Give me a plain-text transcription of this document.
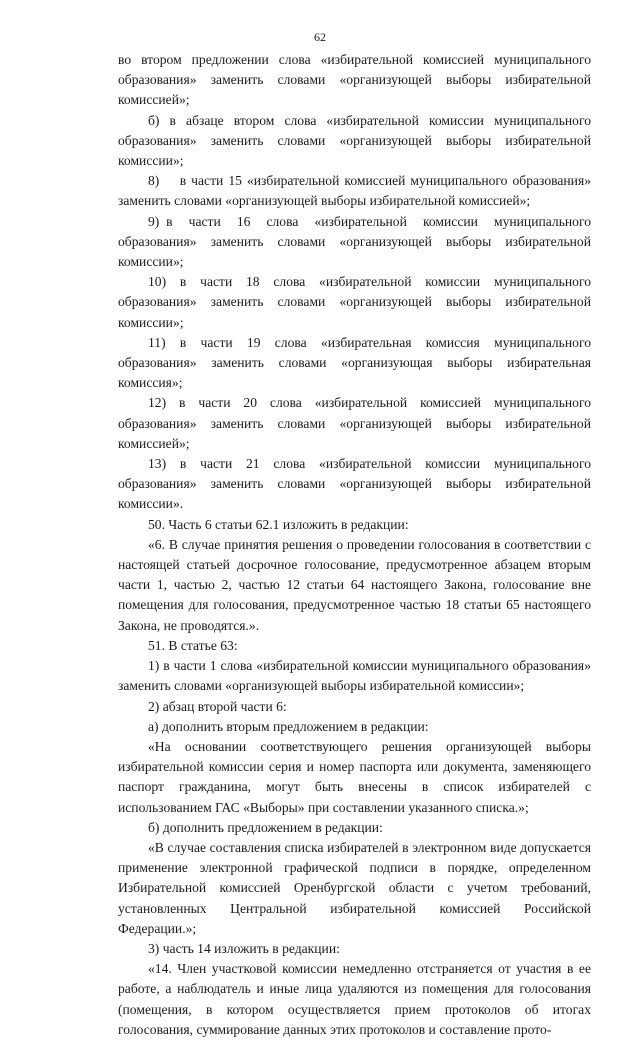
62

во втором предложении слова «избирательной комиссией муниципального образования» заменить словами «организующей выборы избирательной комиссией»;

б) в абзаце втором слова «избирательной комиссии муниципального образования» заменить словами «организующей выборы избирательной комиссии»;

8)  в части 15 «избирательной комиссией муниципального образования» заменить словами «организующей выборы избирательной комиссией»;

9) в части 16 слова «избирательной комиссии муниципального образования» заменить словами «организующей выборы избирательной комиссии»;

10) в части 18 слова «избирательной комиссии муниципального образования» заменить словами «организующей выборы избирательной комиссии»;

11) в части 19 слова «избирательная комиссия муниципального образования» заменить словами «организующая выборы избирательная комиссия»;

12) в части 20 слова «избирательной комиссией муниципального образования» заменить словами «организующей выборы избирательной комиссией»;

13) в части 21 слова «избирательной комиссии муниципального образования» заменить словами «организующей выборы избирательной комиссии».

50. Часть 6 статьи 62.1 изложить в редакции:

«6. В случае принятия решения о проведении голосования в соответствии с настоящей статьей досрочное голосование, предусмотренное абзацем вторым части 1, частью 2, частью 12 статьи 64 настоящего Закона, голосование вне помещения для голосования, предусмотренное частью 18 статьи 65 настоящего Закона, не проводятся.».

51. В статье 63:

1) в части 1 слова «избирательной комиссии муниципального образования» заменить словами «организующей выборы избирательной комиссии»;

2) абзац второй части 6:

а) дополнить вторым предложением в редакции:

«На основании соответствующего решения организующей выборы избирательной комиссии серия и номер паспорта или документа, заменяющего паспорт гражданина, могут быть внесены в список избирателей с использованием ГАС «Выборы» при составлении указанного списка.»;

б) дополнить предложением в редакции:

«В случае составления списка избирателей в электронном виде допускается применение электронной графической подписи в порядке, определенном Избирательной комиссией Оренбургской области с учетом требований, установленных Центральной избирательной комиссией Российской Федерации.»;

3) часть 14 изложить в редакции:

«14. Член участковой комиссии немедленно отстраняется от участия в ее работе, а наблюдатель и иные лица удаляются из помещения для голосования (помещения, в котором осуществляется прием протоколов об итогах голосования, суммирование данных этих протоколов и составление прото-
